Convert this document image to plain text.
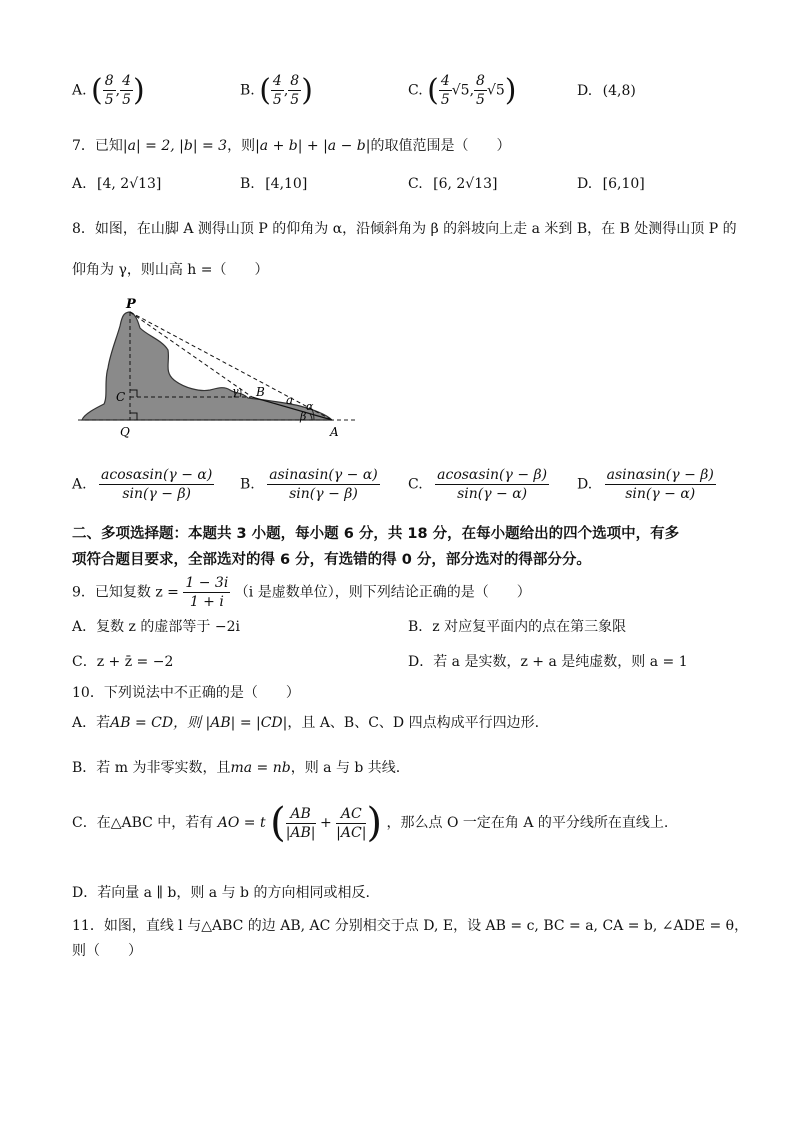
A. ( $\frac{8}{5}$ , $\frac{4}{5}$ )	B. ( $\frac{4}{5}$ , $\frac{8}{5}$ )	C. ( $\frac{4}{5} √5$, $\frac{8}{5} √5$)	D. (4,8)
7．已知|a| = 2, |b| = 3，则|a + b| + |a − b|的取值范围是（　　）
A. [4, 2√13]	B. [4,10]	C. [6, 2√13]	D. [6,10]
8．如图，在山脚 A 测得山顶 P 的仰角为 α，沿倾斜角为 β 的斜坡向上走 a 米到 B，在 B 处测得山顶 P 的
仰角为 γ，则山高 h =（　　）
P
C
Q	A
B
a α
β
γ
A. $\frac{acos\alpha\sin(\gamma - \alpha)}{\sin(\gamma - \beta)} B$. $\frac{asin\alpha\sin(\gamma - \alpha)}{\sin(\gamma - \beta)} C$. $\frac{acos\alpha\sin(\gamma - \beta)}{\sin(\gamma - \alpha)} D$. $\frac{asin\alpha\sin(\gamma - \beta)}{\sin(\gamma - \alpha)}$
二、多项选择题：本题共 3 小题，每小题 6 分，共 18 分，在每小题给出的四个选项中，有多
项符合题目要求，全部选对的得 6 分，有选错的得 0 分，部分选对的得部分分。
9．已知复数 $z = \frac{1 - 3i}{1 + i} (i$ 是虚数单位），则下列结论正确的是（　　）
A．复数 z 的虚部等于 −2i	B．z 对应复平面内的点在第三象限
C．z + z̄ = −2	D．若 a 是实数，z + a 是纯虚数，则 a = 1
10．下列说法中不正确的是（　　）
A．若AB = CD，则 |AB| = |CD|，且 A、B、C、D 四点构成平行四边形.
B．若 m 为非零实数，且ma = nb，则 a 与 b 共线.
C．在△ABC 中，若有 AO = t ( $\frac{AB}{|AB|} + \frac{AC}{|AC|}$ ) ，那么点 O 一定在角 A 的平分线所在直线上.
D．若向量 a ∥ b，则 a 与 b 的方向相同或相反.
11．如图，直线 l 与△ABC 的边 AB, AC 分别相交于点 D, E，设 AB = c, BC = a, CA = b, ∠ADE = θ，
则（　　）
